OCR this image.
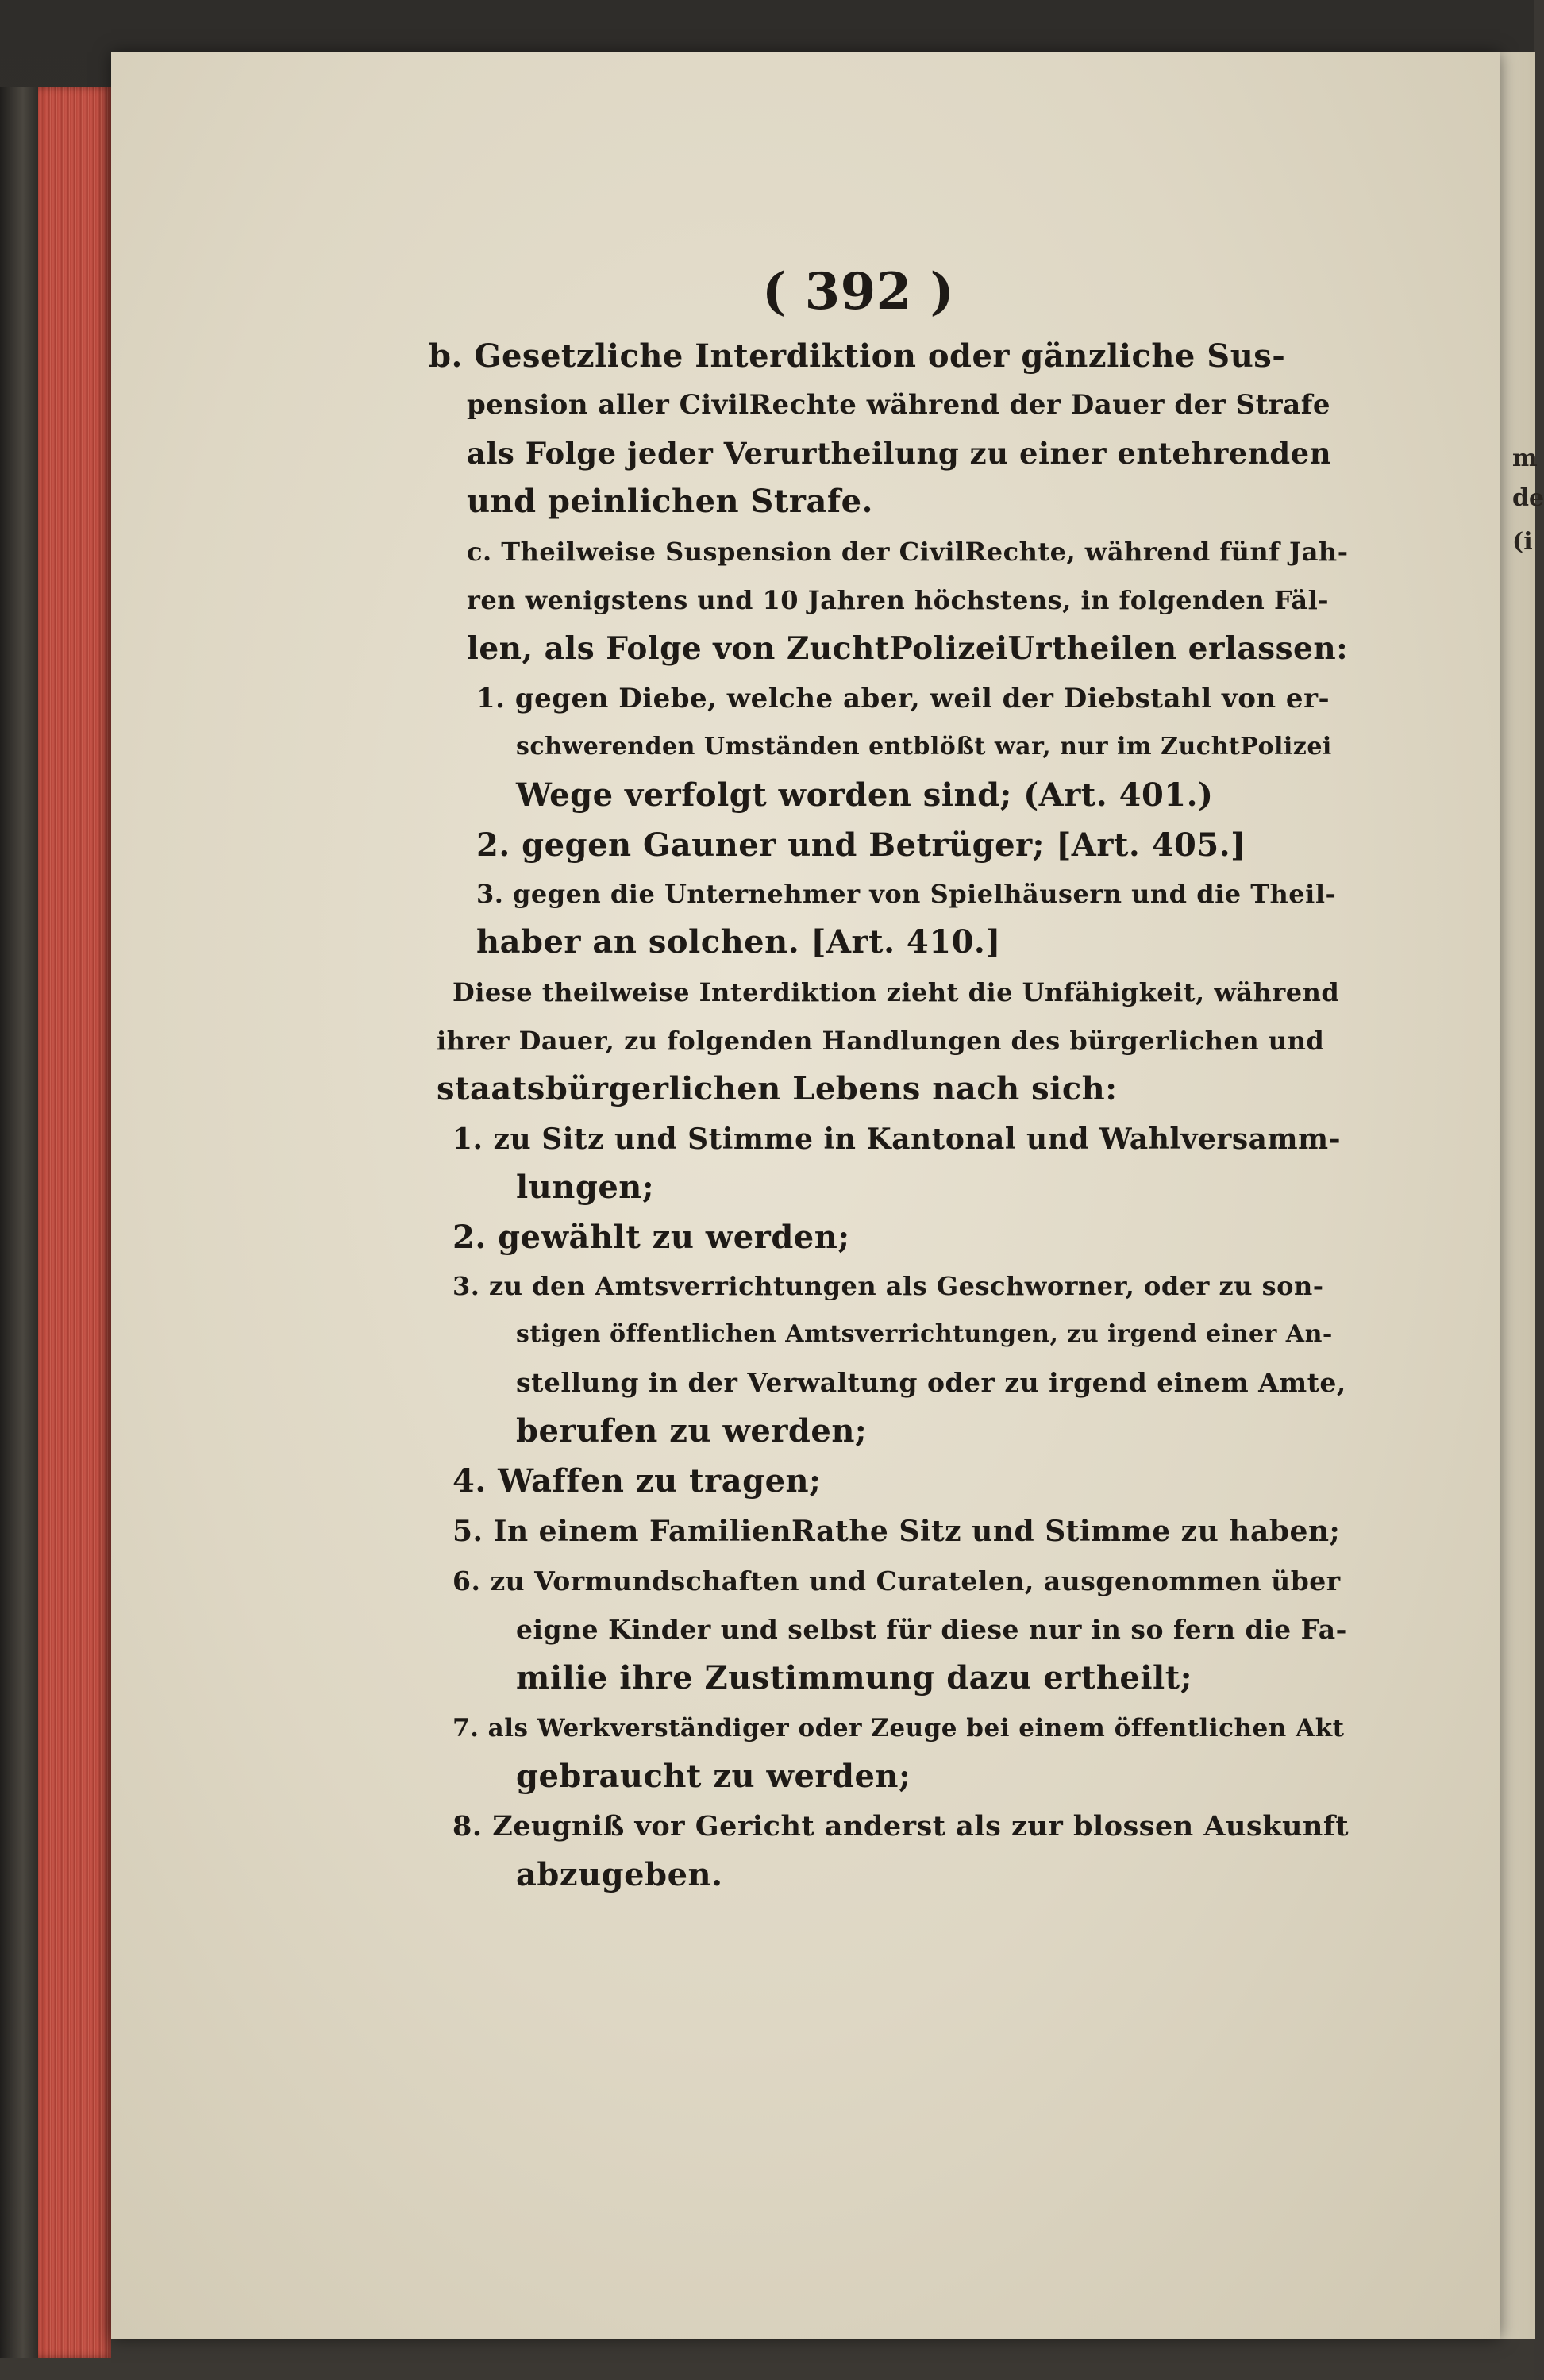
m
de
(i
( 392 )
b. Gesetzliche Interdiktion oder gänzliche Sus-
pension aller CivilRechte während der Dauer der Strafe
als Folge jeder Verurtheilung zu einer entehrenden
und peinlichen Strafe.
c. Theilweise Suspension der CivilRechte, während fünf Jah-
ren wenigstens und 10 Jahren höchstens, in folgenden Fäl-
len, als Folge von ZuchtPolizeiUrtheilen erlassen:
1. gegen Diebe, welche aber, weil der Diebstahl von er-
schwerenden Umständen entblößt war, nur im ZuchtPolizei
Wege verfolgt worden sind; (Art. 401.)
2. gegen Gauner und Betrüger; [Art. 405.]
3. gegen die Unternehmer von Spielhäusern und die Theil-
haber an solchen. [Art. 410.]
Diese theilweise Interdiktion zieht die Unfähigkeit, während
ihrer Dauer, zu folgenden Handlungen des bürgerlichen und
staatsbürgerlichen Lebens nach sich:
1. zu Sitz und Stimme in Kantonal und Wahlversamm-
lungen;
2. gewählt zu werden;
3. zu den Amtsverrichtungen als Geschworner, oder zu son-
stigen öffentlichen Amtsverrichtungen, zu irgend einer An-
stellung in der Verwaltung oder zu irgend einem Amte,
berufen zu werden;
4. Waffen zu tragen;
5. In einem FamilienRathe Sitz und Stimme zu haben;
6. zu Vormundschaften und Curatelen, ausgenommen über
eigne Kinder und selbst für diese nur in so fern die Fa-
milie ihre Zustimmung dazu ertheilt;
7. als Werkverständiger oder Zeuge bei einem öffentlichen Akt
gebraucht zu werden;
8. Zeugniß vor Gericht anderst als zur blossen Auskunft
abzugeben.
